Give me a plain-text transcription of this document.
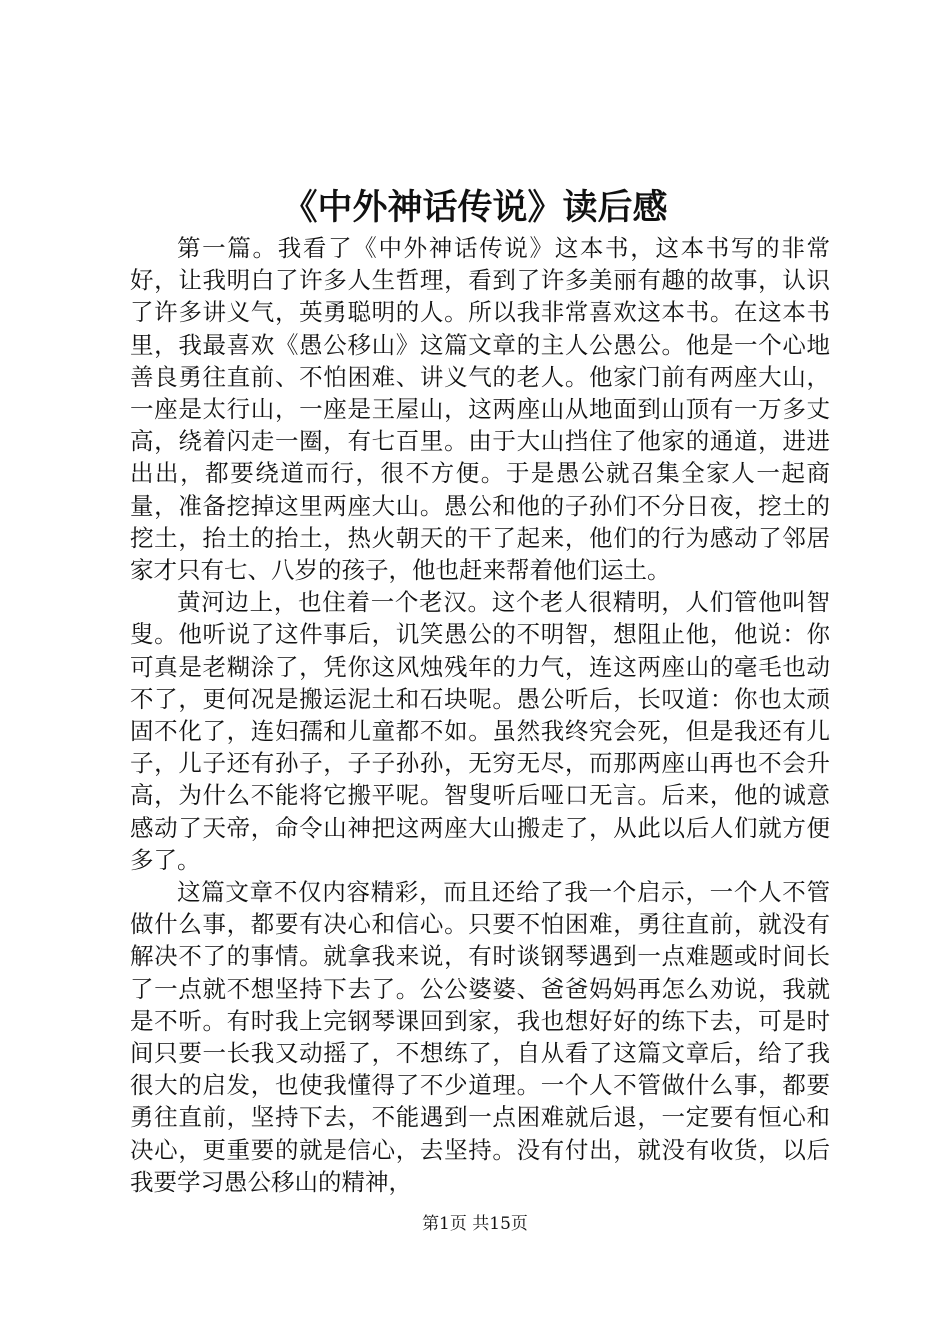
《中外神话传说》读后感

第一篇。我看了《中外神话传说》这本书，这本书写的非常好，让我明白了许多人生哲理，看到了许多美丽有趣的故事，认识了许多讲义气，英勇聪明的人。所以我非常喜欢这本书。在这本书里，我最喜欢《愚公移山》这篇文章的主人公愚公。他是一个心地善良勇往直前、不怕困难、讲义气的老人。他家门前有两座大山，一座是太行山，一座是王屋山，这两座山从地面到山顶有一万多丈高，绕着闪走一圈，有七百里。由于大山挡住了他家的通道，进进出出，都要绕道而行，很不方便。于是愚公就召集全家人一起商量，准备挖掉这里两座大山。愚公和他的子孙们不分日夜，挖土的挖土，抬土的抬土，热火朝天的干了起来，他们的行为感动了邻居家才只有七、八岁的孩子，他也赶来帮着他们运土。

黄河边上，也住着一个老汉。这个老人很精明，人们管他叫智叟。他听说了这件事后，讥笑愚公的不明智，想阻止他，他说：你可真是老糊涂了，凭你这风烛残年的力气，连这两座山的毫毛也动不了，更何况是搬运泥土和石块呢。愚公听后，长叹道：你也太顽固不化了，连妇孺和儿童都不如。虽然我终究会死，但是我还有儿子，儿子还有孙子，子子孙孙，无穷无尽，而那两座山再也不会升高，为什么不能将它搬平呢。智叟听后哑口无言。后来，他的诚意感动了天帝，命令山神把这两座大山搬走了，从此以后人们就方便多了。

这篇文章不仅内容精彩，而且还给了我一个启示，一个人不管做什么事，都要有决心和信心。只要不怕困难，勇往直前，就没有解决不了的事情。就拿我来说，有时谈钢琴遇到一点难题或时间长了一点就不想坚持下去了。公公婆婆、爸爸妈妈再怎么劝说，我就是不听。有时我上完钢琴课回到家，我也想好好的练下去，可是时间只要一长我又动摇了，不想练了，自从看了这篇文章后，给了我很大的启发，也使我懂得了不少道理。一个人不管做什么事，都要勇往直前，坚持下去，不能遇到一点困难就后退，一定要有恒心和决心，更重要的就是信心，去坚持。没有付出，就没有收货，以后我要学习愚公移山的精神，

第1页 共15页
